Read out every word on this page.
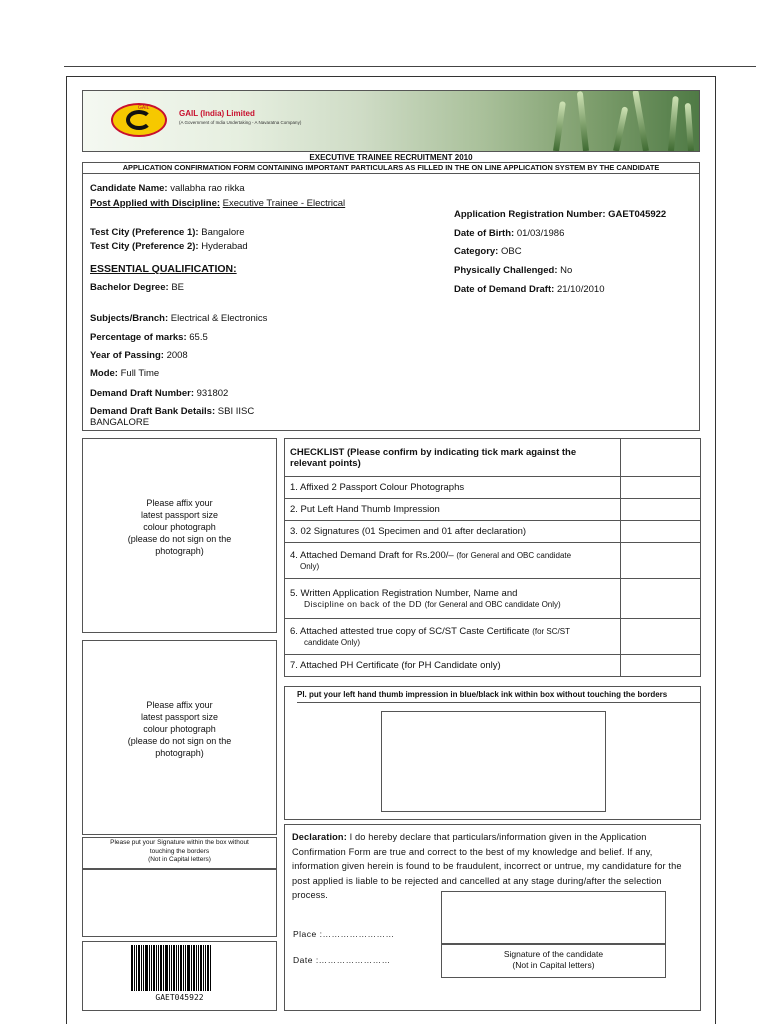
GAIL
GAIL (India) Limited
(A Government of India Undertaking - A Navaratna Company)
EXECUTIVE TRAINEE RECRUITMENT 2010
APPLICATION CONFIRMATION FORM CONTAINING IMPORTANT PARTICULARS AS FILLED IN THE ON LINE APPLICATION SYSTEM BY THE CANDIDATE
Candidate Name: vallabha rao rikka
Post Applied with Discipline: Executive Trainee - Electrical
Test City (Preference 1): Bangalore
Test City (Preference 2): Hyderabad
ESSENTIAL QUALIFICATION:
Bachelor Degree: BE
Subjects/Branch: Electrical & Electronics
Percentage of marks: 65.5
Year of Passing: 2008
Mode: Full Time
Demand Draft Number: 931802
Demand Draft Bank Details: SBI IISC
BANGALORE
Application Registration Number: GAET045922
Date of Birth: 01/03/1986
Category: OBC
Physically Challenged: No
Date of Demand Draft: 21/10/2010
Please affix your
latest passport size
colour photograph
(please do not sign on the
photograph)
Please affix your
latest passport size
colour photograph
(please do not sign on the
photograph)
Please put your Signature within the box without
touching the borders
(Not in Capital letters)
GAET045922
CHECKLIST (Please confirm by indicating tick mark against the relevant points)	
1. Affixed 2 Passport Colour Photographs	
2. Put Left Hand Thumb Impression	
3. 02 Signatures (01 Specimen and 01 after declaration)	
4. Attached Demand Draft for Rs.200/– (for General and OBC candidate
Only)	
5. Written Application Registration Number, Name and
Discipline on back of the DD (for General and OBC candidate Only)	
6. Attached attested true copy of SC/ST Caste Certificate (for SC/ST
candidate Only)	
7. Attached PH Certificate (for PH Candidate only)	
Pl. put your left hand thumb impression in blue/black ink within box without touching the borders
Declaration: I do hereby declare that particulars/information given in the Application Confirmation Form are true and correct to the best of my knowledge and belief. If any, information given herein is found to be fraudulent, incorrect or untrue, my candidature for the post applied is liable to be rejected and cancelled at any stage during/after the selection process.
Place :……………………
Date :……………………
Signature of the candidate
(Not in Capital letters)
